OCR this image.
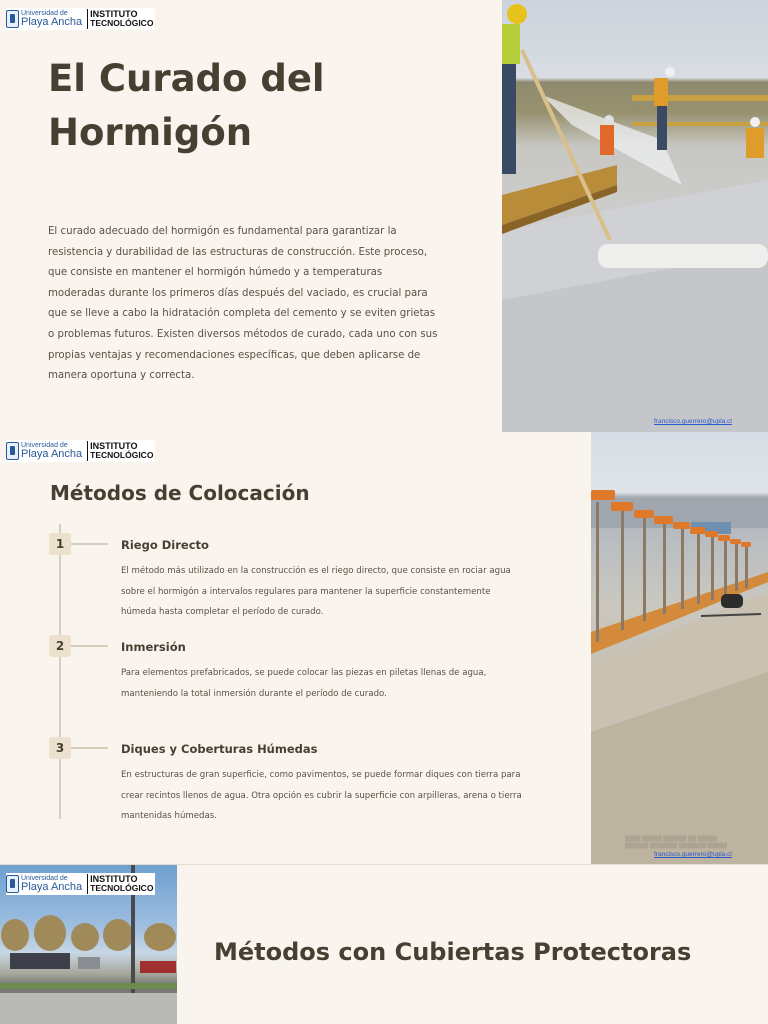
Universidad de
Playa Ancha
INSTITUTO
TECNOLÓGICO
El Curado del
Hormigón

El curado adecuado del hormigón es fundamental para garantizar la resistencia y durabilidad de las estructuras de construcción. Este proceso, que consiste en mantener el hormigón húmedo y a temperaturas moderadas durante los primeros días después del vaciado, es crucial para que se lleve a cabo la hidratación completa del cemento y se eviten grietas o problemas futuros. Existen diversos métodos de curado, cada uno con sus propias ventajas y recomendaciones específicas, que deben aplicarse de manera oportuna y correcta.

francisco.guerrero@upla.cl
Universidad de
Playa Ancha
INSTITUTO
TECNOLÓGICO
Métodos de Colocación
1	Riego Directo

El método más utilizado en la construcción es el riego directo, que consiste en rociar agua sobre el hormigón a intervalos regulares para mantener la superficie constantemente húmeda hasta completar el período de curado.

2	Inmersión

Para elementos prefabricados, se puede colocar las piezas en piletas llenas de agua, manteniendo la total inmersión durante el período de curado.

3	Diques y Coberturas Húmedas

En estructuras de gran superficie, como pavimentos, se puede formar diques con tierra para crear recintos llenos de agua. Otra opción es cubrir la superficie con arpilleras, arena o tierra mantenidas húmedas.

▒▒▒▒ ▒▒▒▒▒ ▒▒▒▒▒▒ ▒▒ ▒▒▒▒▒
▒▒▒▒▒▒ ▒▒▒▒▒▒▒ ▒▒▒▒▒▒▒ ▒▒▒▒▒
francisco.guerrero@upla.cl
Universidad de
Playa Ancha
INSTITUTO
TECNOLÓGICO
Métodos con Cubiertas Protectoras
